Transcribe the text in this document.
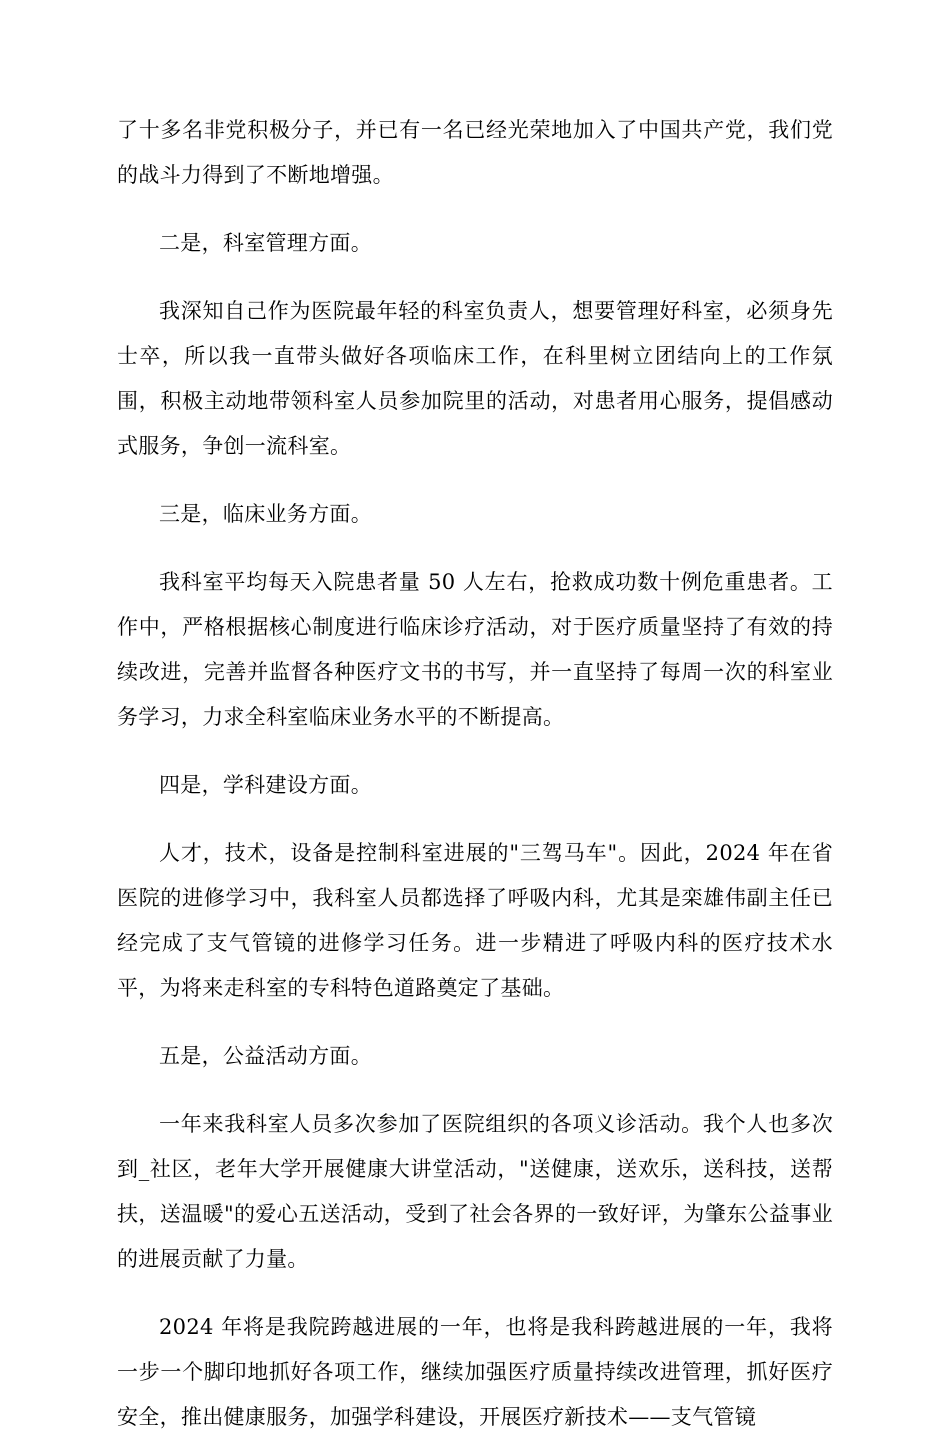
了十多名非党积极分子，并已有一名已经光荣地加入了中国共产党，我们党的战斗力得到了不断地增强。

二是，科室管理方面。

我深知自己作为医院最年轻的科室负责人，想要管理好科室，必须身先士卒，所以我一直带头做好各项临床工作，在科里树立团结向上的工作氛围，积极主动地带领科室人员参加院里的活动，对患者用心服务，提倡感动式服务，争创一流科室。

三是，临床业务方面。

我科室平均每天入院患者量 50 人左右，抢救成功数十例危重患者。工作中，严格根据核心制度进行临床诊疗活动，对于医疗质量坚持了有效的持续改进，完善并监督各种医疗文书的书写，并一直坚持了每周一次的科室业务学习，力求全科室临床业务水平的不断提高。

四是，学科建设方面。

人才，技术，设备是控制科室进展的"三驾马车"。因此，2024 年在省医院的进修学习中，我科室人员都选择了呼吸内科，尤其是栾雄伟副主任已经完成了支气管镜的进修学习任务。进一步精进了呼吸内科的医疗技术水平，为将来走科室的专科特色道路奠定了基础。

五是，公益活动方面。

一年来我科室人员多次参加了医院组织的各项义诊活动。我个人也多次到_社区，老年大学开展健康大讲堂活动，"送健康，送欢乐，送科技，送帮扶，送温暖"的爱心五送活动，受到了社会各界的一致好评，为肇东公益事业的进展贡献了力量。

2024 年将是我院跨越进展的一年，也将是我科跨越进展的一年，我将一步一个脚印地抓好各项工作，继续加强医疗质量持续改进管理，抓好医疗安全，推出健康服务，加强学科建设，开展医疗新技术——支气管镜
